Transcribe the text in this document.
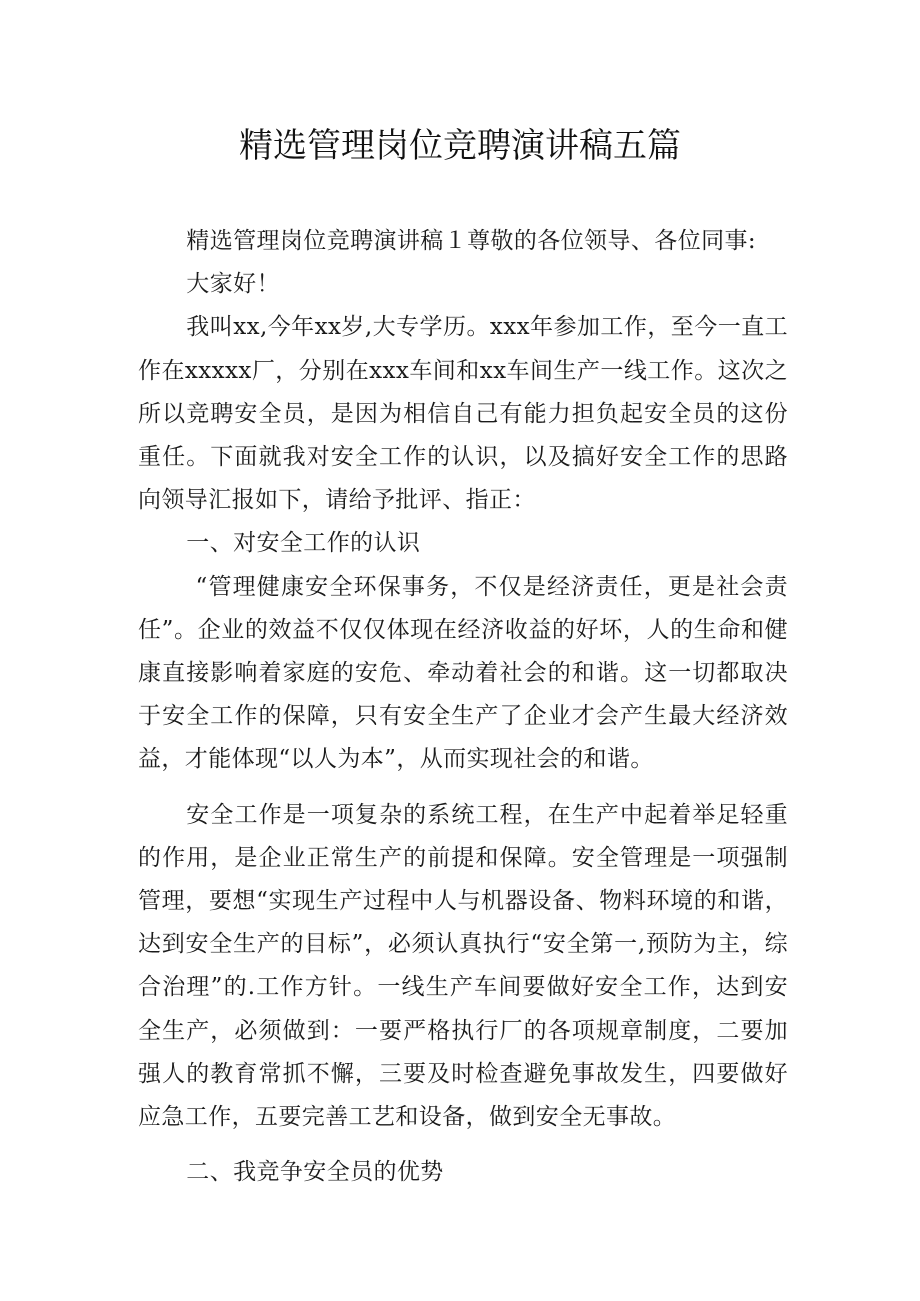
精选管理岗位竞聘演讲稿五篇

精选管理岗位竞聘演讲稿１尊敬的各位领导、各位同事:

大家好！

我叫xx,今年xx岁,大专学历。xxx年参加工作，至今一直工作在xxxxx厂，分别在xxx车间和xx车间生产一线工作。这次之所以竞聘安全员，是因为相信自己有能力担负起安全员的这份重任。下面就我对安全工作的认识，以及搞好安全工作的思路向领导汇报如下，请给予批评、指正：

一、对安全工作的认识

“管理健康安全环保事务，不仅是经济责任，更是社会责任”。企业的效益不仅仅体现在经济收益的好坏，人的生命和健康直接影响着家庭的安危、牵动着社会的和谐。这一切都取决于安全工作的保障，只有安全生产了企业才会产生最大经济效益，才能体现“以人为本”，从而实现社会的和谐。

安全工作是一项复杂的系统工程，在生产中起着举足轻重的作用，是企业正常生产的前提和保障。安全管理是一项强制管理，要想“实现生产过程中人与机器设备、物料环境的和谐，达到安全生产的目标”，必须认真执行“安全第一,预防为主，综合治理”的.工作方针。一线生产车间要做好安全工作，达到安全生产，必须做到：一要严格执行厂的各项规章制度，二要加强人的教育常抓不懈，三要及时检查避免事故发生，四要做好应急工作，五要完善工艺和设备，做到安全无事故。

二、我竞争安全员的优势
